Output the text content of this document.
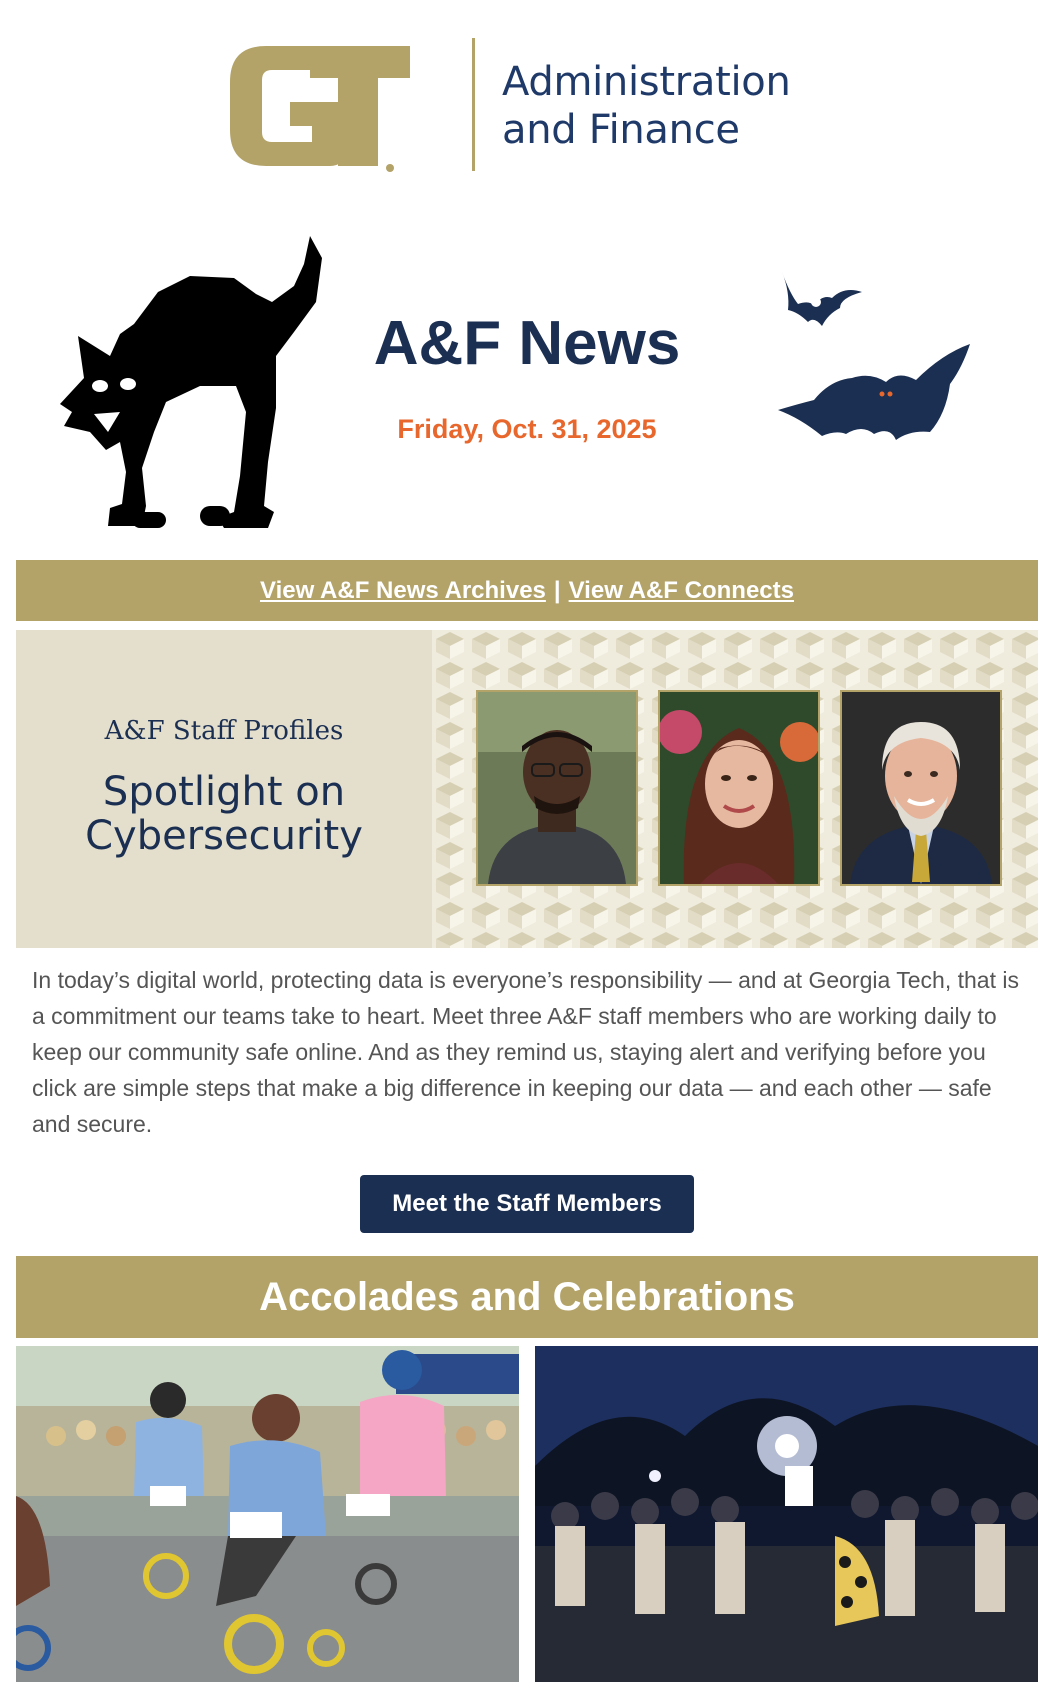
Administration
and Finance
A&F News
Friday, Oct. 31, 2025
View A&F News Archives | View A&F Connects
A&F Staff Profiles
Spotlight on
Cybersecurity
In today’s digital world, protecting data is everyone’s responsibility — and at Georgia Tech, that is a commitment our teams take to heart. Meet three A&F staff members who are working daily to keep our community safe online. And as they remind us, staying alert and verifying before you click are simple steps that make a big difference in keeping our data — and each other — safe and secure.
Meet the Staff Members
Accolades and Celebrations
